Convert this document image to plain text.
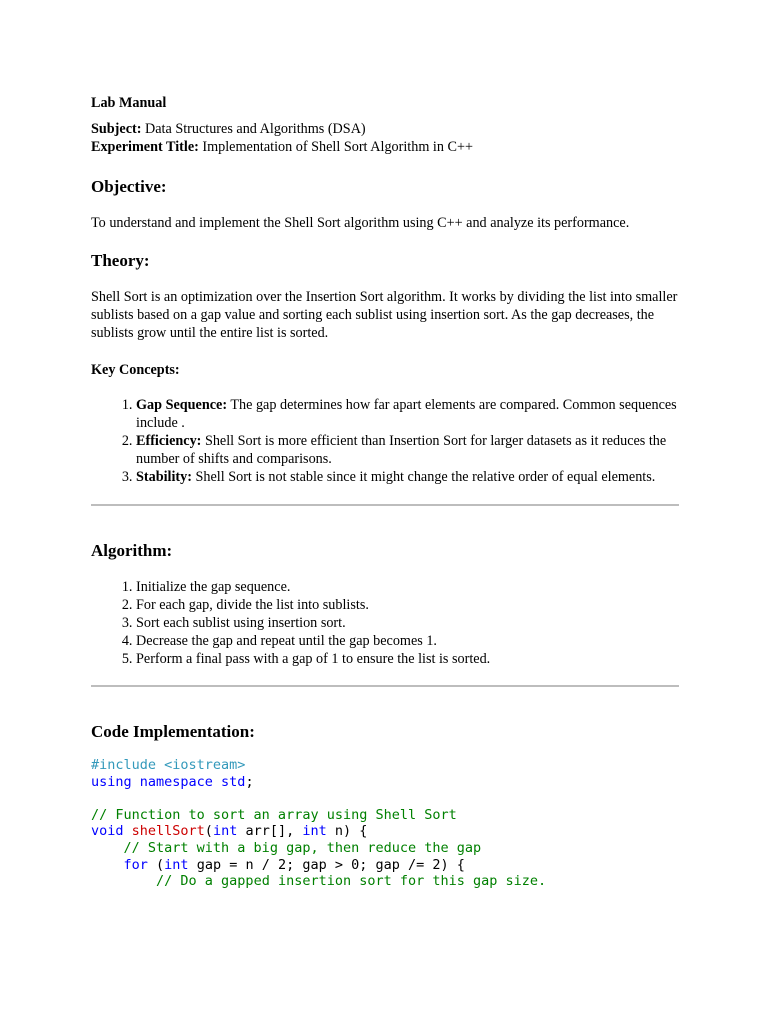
Lab Manual
Subject: Data Structures and Algorithms (DSA)
Experiment Title: Implementation of Shell Sort Algorithm in C++
Objective:

To understand and implement the Shell Sort algorithm using C++ and analyze its performance.

Theory:

Shell Sort is an optimization over the Insertion Sort algorithm. It works by dividing the list into smaller sublists based on a gap value and sorting each sublist using insertion sort. As the gap decreases, the sublists grow until the entire list is sorted.

Key Concepts:
1. Gap Sequence: The gap determines how far apart elements are compared. Common sequences include .
2. Efficiency: Shell Sort is more efficient than Insertion Sort for larger datasets as it reduces the number of shifts and comparisons.
3. Stability: Shell Sort is not stable since it might change the relative order of equal elements.
Algorithm:
1. Initialize the gap sequence.
2. For each gap, divide the list into sublists.
3. Sort each sublist using insertion sort.
4. Decrease the gap and repeat until the gap becomes 1.
5. Perform a final pass with a gap of 1 to ensure the list is sorted.
Code Implementation:
#include <iostream>
using namespace std;

// Function to sort an array using Shell Sort
void shellSort(int arr[], int n) {
// Start with a big gap, then reduce the gap
for (int gap = n / 2; gap > 0; gap /= 2) {
// Do a gapped insertion sort for this gap size.
